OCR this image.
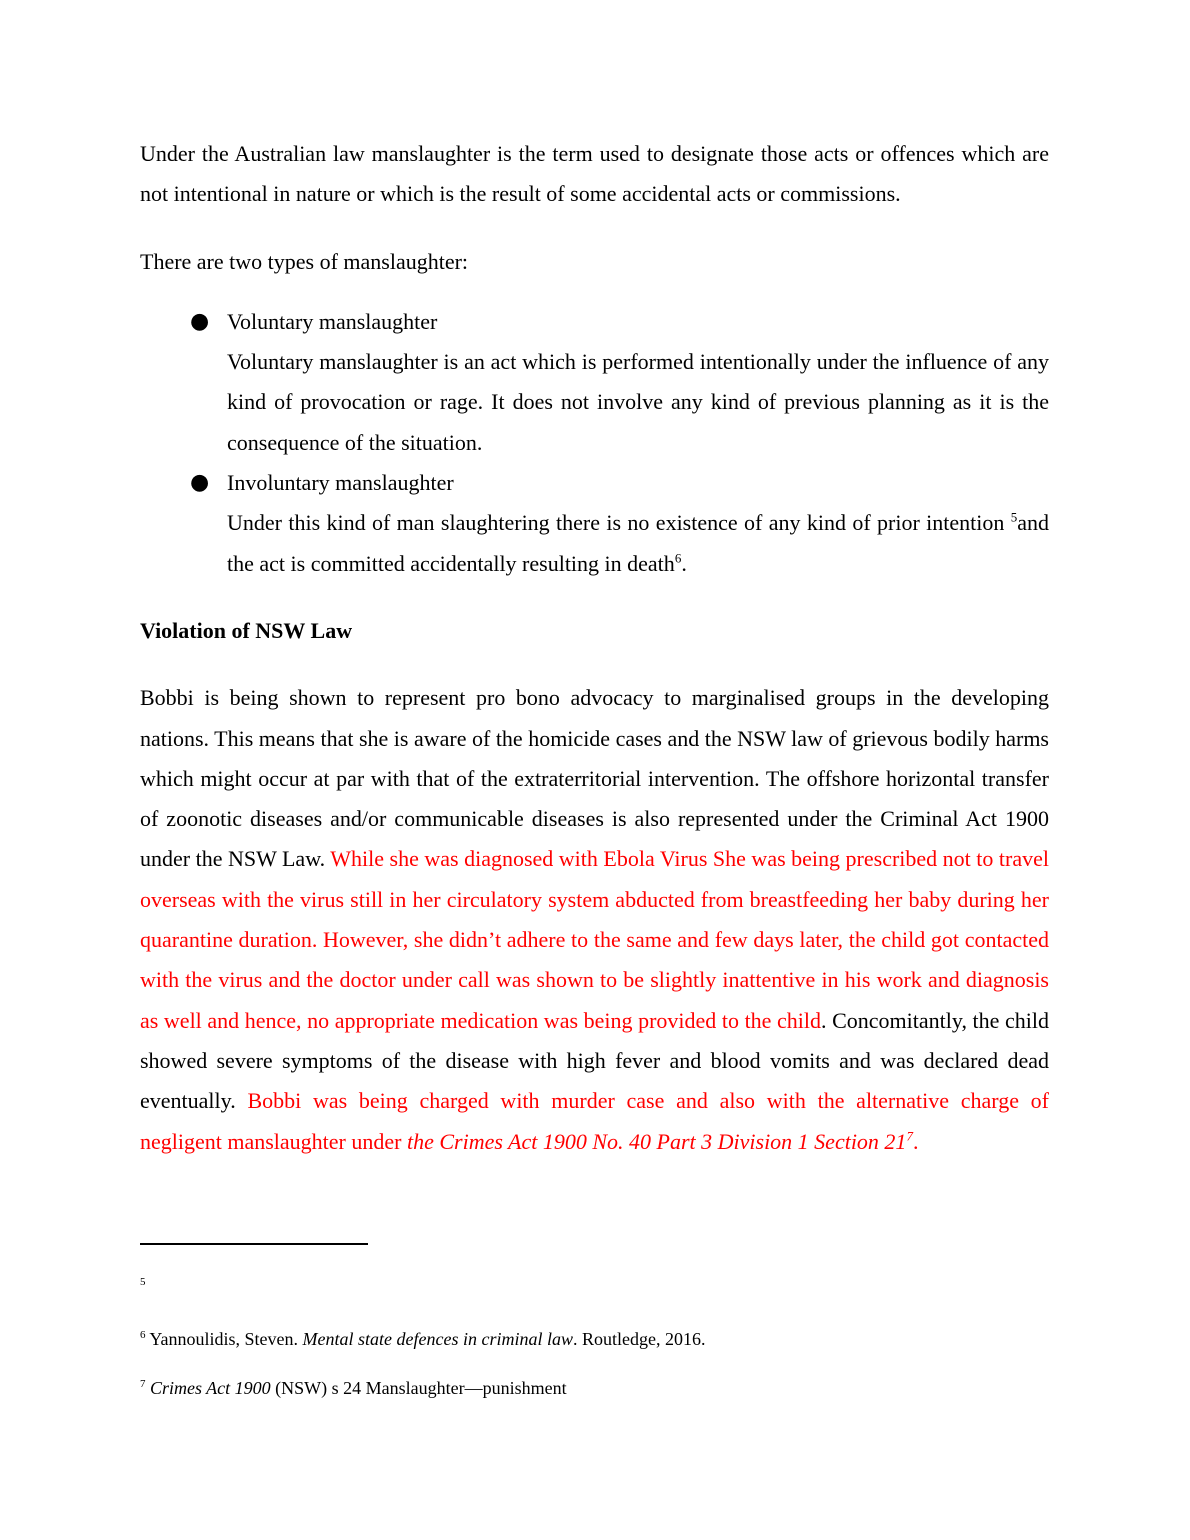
Under the Australian law manslaughter is the term used to designate those acts or offences which are not intentional in nature or which is the result of some accidental acts or commissions.

There are two types of manslaughter:

● Voluntary manslaughter

Voluntary manslaughter is an act which is performed intentionally under the influence of any kind of provocation or rage. It does not involve any kind of previous planning as it is the consequence of the situation.

● Involuntary manslaughter

Under this kind of man slaughtering there is no existence of any kind of prior intention $^5$and the act is committed accidentally resulting in death$^6$.

Violation of NSW Law

Bobbi is being shown to represent pro bono advocacy to marginalised groups in the developing nations. This means that she is aware of the homicide cases and the NSW law of grievous bodily harms which might occur at par with that of the extraterritorial intervention. The offshore horizontal transfer of zoonotic diseases and/or communicable diseases is also represented under the Criminal Act 1900 under the NSW Law. While she was diagnosed with Ebola Virus She was being prescribed not to travel overseas with the virus still in her circulatory system abducted from breastfeeding her baby during her quarantine duration. However, she didn’t adhere to the same and few days later, the child got contacted with the virus and the doctor under call was shown to be slightly inattentive in his work and diagnosis as well and hence, no appropriate medication was being provided to the child. Concomitantly, the child showed severe symptoms of the disease with high fever and blood vomits and was declared dead eventually. Bobbi was being charged with murder case and also with the alternative charge of negligent manslaughter under the Crimes Act 1900 No. 40 Part 3 Division 1 Section $21^7$.

$^5$

$^6$ Yannoulidis, Steven. Mental state defences in criminal law. Routledge, 2016.

$^7$ Crimes Act 1900 (NSW) s 24 Manslaughter—punishment
